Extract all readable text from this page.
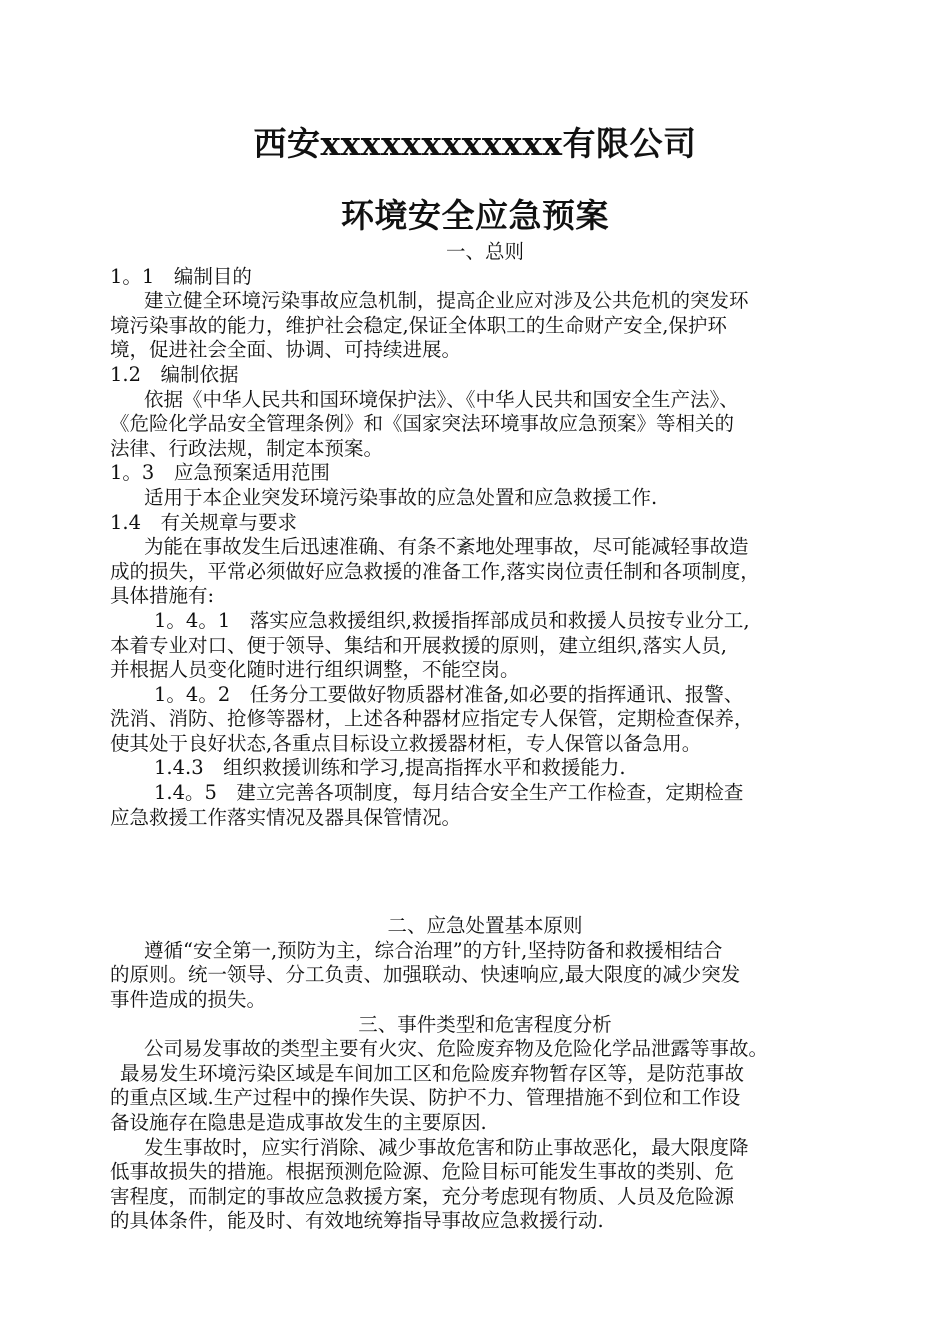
西安xxxxxxxxxxxx有限公司
环境安全应急预案

一、总则

1。1　编制目的

建立健全环境污染事故应急机制，提高企业应对涉及公共危机的突发环

境污染事故的能力，维护社会稳定,保证全体职工的生命财产安全,保护环

境，促进社会全面、协调、可持续进展。

1.2　编制依据

依据《中华人民共和国环境保护法》、《中华人民共和国安全生产法》、

《危险化学品安全管理条例》和《国家突法环境事故应急预案》等相关的

法律、行政法规，制定本预案。

1。3　应急预案适用范围

适用于本企业突发环境污染事故的应急处置和应急救援工作.

1.4　有关规章与要求

为能在事故发生后迅速准确、有条不紊地处理事故，尽可能减轻事故造

成的损失，平常必须做好应急救援的准备工作,落实岗位责任制和各项制度，

具体措施有:

1。4。1　落实应急救援组织,救援指挥部成员和救援人员按专业分工,

本着专业对口、便于领导、集结和开展救援的原则，建立组织,落实人员,

并根据人员变化随时进行组织调整，不能空岗。

1。4。2　任务分工要做好物质器材准备,如必要的指挥通讯、报警、

洗消、消防、抢修等器材，上述各种器材应指定专人保管，定期检查保养，

使其处于良好状态,各重点目标设立救援器材柜，专人保管以备急用。

1.4.3　组织救援训练和学习,提高指挥水平和救援能力.

1.4。5　建立完善各项制度，每月结合安全生产工作检查，定期检查

应急救援工作落实情况及器具保管情况。

二、应急处置基本原则

遵循“安全第一,预防为主，综合治理”的方针,坚持防备和救援相结合

的原则。统一领导、分工负责、加强联动、快速响应,最大限度的减少突发

事件造成的损失。

三、事件类型和危害程度分析

公司易发事故的类型主要有火灾、危险废弃物及危险化学品泄露等事故。

最易发生环境污染区域是车间加工区和危险废弃物暂存区等，是防范事故

的重点区域.生产过程中的操作失误、防护不力、管理措施不到位和工作设

备设施存在隐患是造成事故发生的主要原因.

发生事故时，应实行消除、减少事故危害和防止事故恶化，最大限度降

低事故损失的措施。根据预测危险源、危险目标可能发生事故的类别、危

害程度，而制定的事故应急救援方案，充分考虑现有物质、人员及危险源

的具体条件，能及时、有效地统筹指导事故应急救援行动.
